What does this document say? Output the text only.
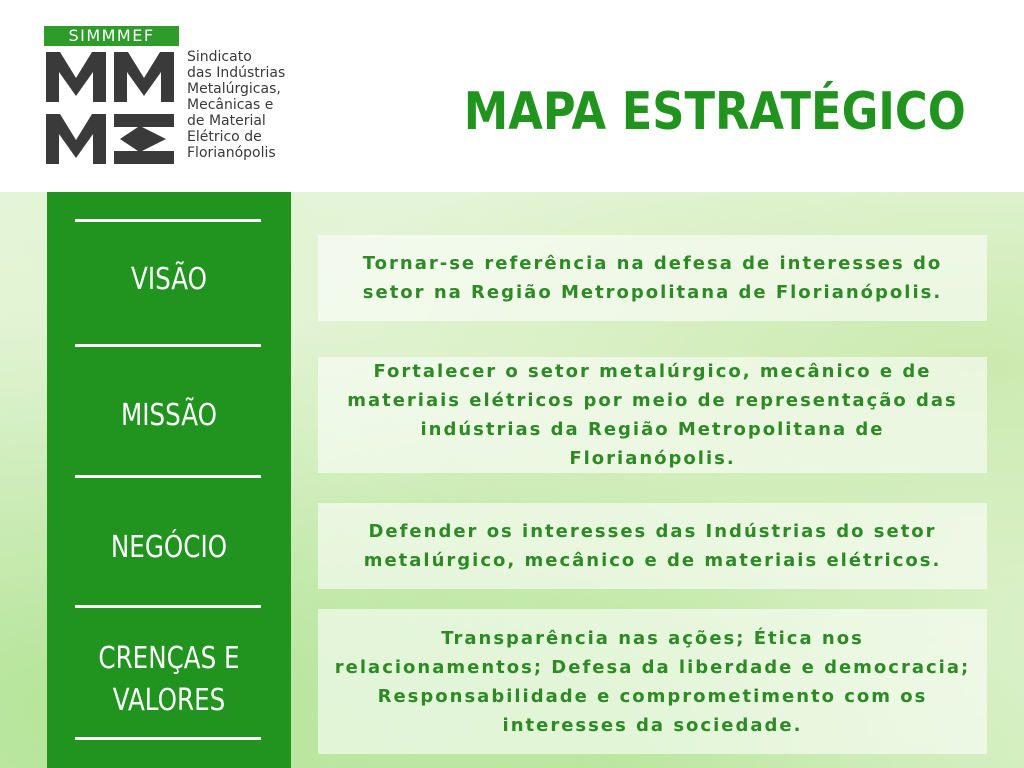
SIMMMEF
Sindicato
das Indústrias
Metalúrgicas,
Mecânicas e
de Material
Elétrico de
Florianópolis
MAPA ESTRATÉGICO
VISÃO
MISSÃO
NEGÓCIO
CRENÇAS E VALORES

Tornar-se referência na defesa de interesses do setor na Região Metropolitana de Florianópolis.

Fortalecer o setor metalúrgico, mecânico e de materiais elétricos por meio de representação das indústrias da Região Metropolitana de Florianópolis.

Defender os interesses das Indústrias do setor metalúrgico, mecânico e de materiais elétricos.

Transparência nas ações; Ética nos relacionamentos; Defesa da liberdade e democracia; Responsabilidade e comprometimento com os interesses da sociedade.
